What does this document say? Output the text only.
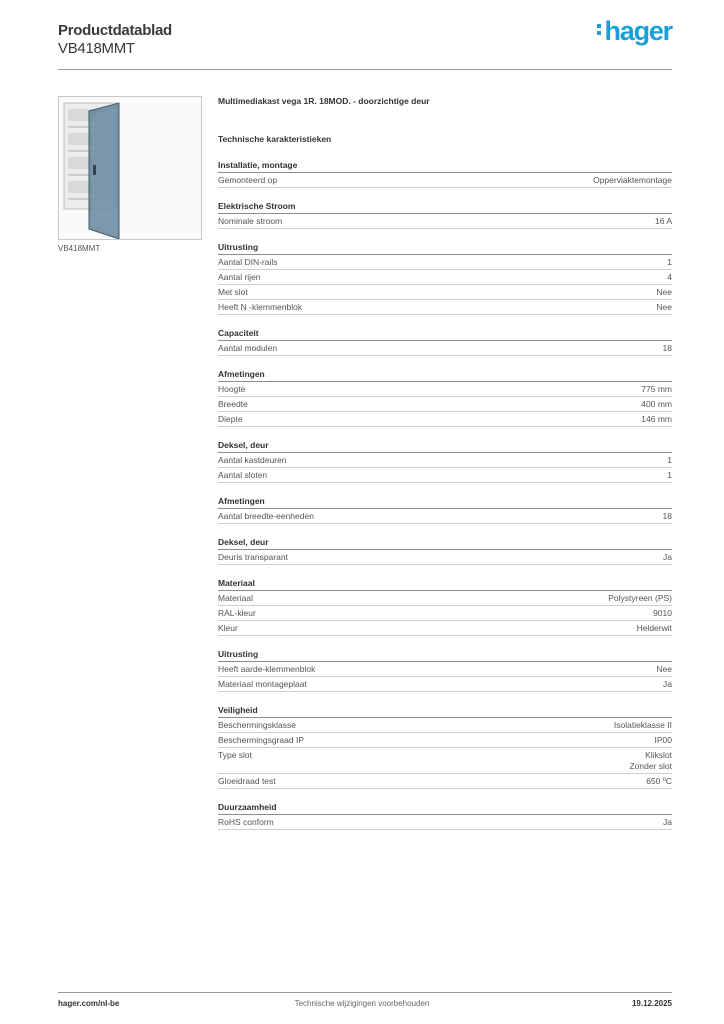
Productdatablad
VB418MMT
hager
VB418MMT
Multimediakast vega 1R. 18MOD. - doorzichtige deur
Technische karakteristieken
Installatie, montage
Gemonteerd op	Opperviaktemontage
Elektrische Stroom
Nominale stroom	16 A
Uitrusting
Aantal DIN-rails	1
Aantal rijen	4
Met slot	Nee
Heeft N -klemmenblok	Nee
Capaciteit
Aantal modulen	18
Afmetingen
Hoogte	775 mm
Breedte	400 mm
Diepte	146 mm
Deksel, deur
Aantal kastdeuren	1
Aantal sloten	1
Afmetingen
Aantal breedte-eenheden	18
Deksel, deur
Deuris transparant	Ja
Materiaal
Materiaal	Polystyreen (PS)
RAL-kleur	9010
Kleur	Helderwit
Uitrusting
Heeft aarde-klemmenblok	Nee
Materiaal montageplaat	Ja
Veiligheid
Beschermingsklasse	Isolatieklasse II
Beschermingsgraad IP	IP00
Type slot	Klikslot
Zonder slot
Gloeidraad test	650 ºC
Duurzaamheid
RoHS conform	Ja
hager.com/nl-be	Technische wijzigingen voorbehouden	19.12.2025
